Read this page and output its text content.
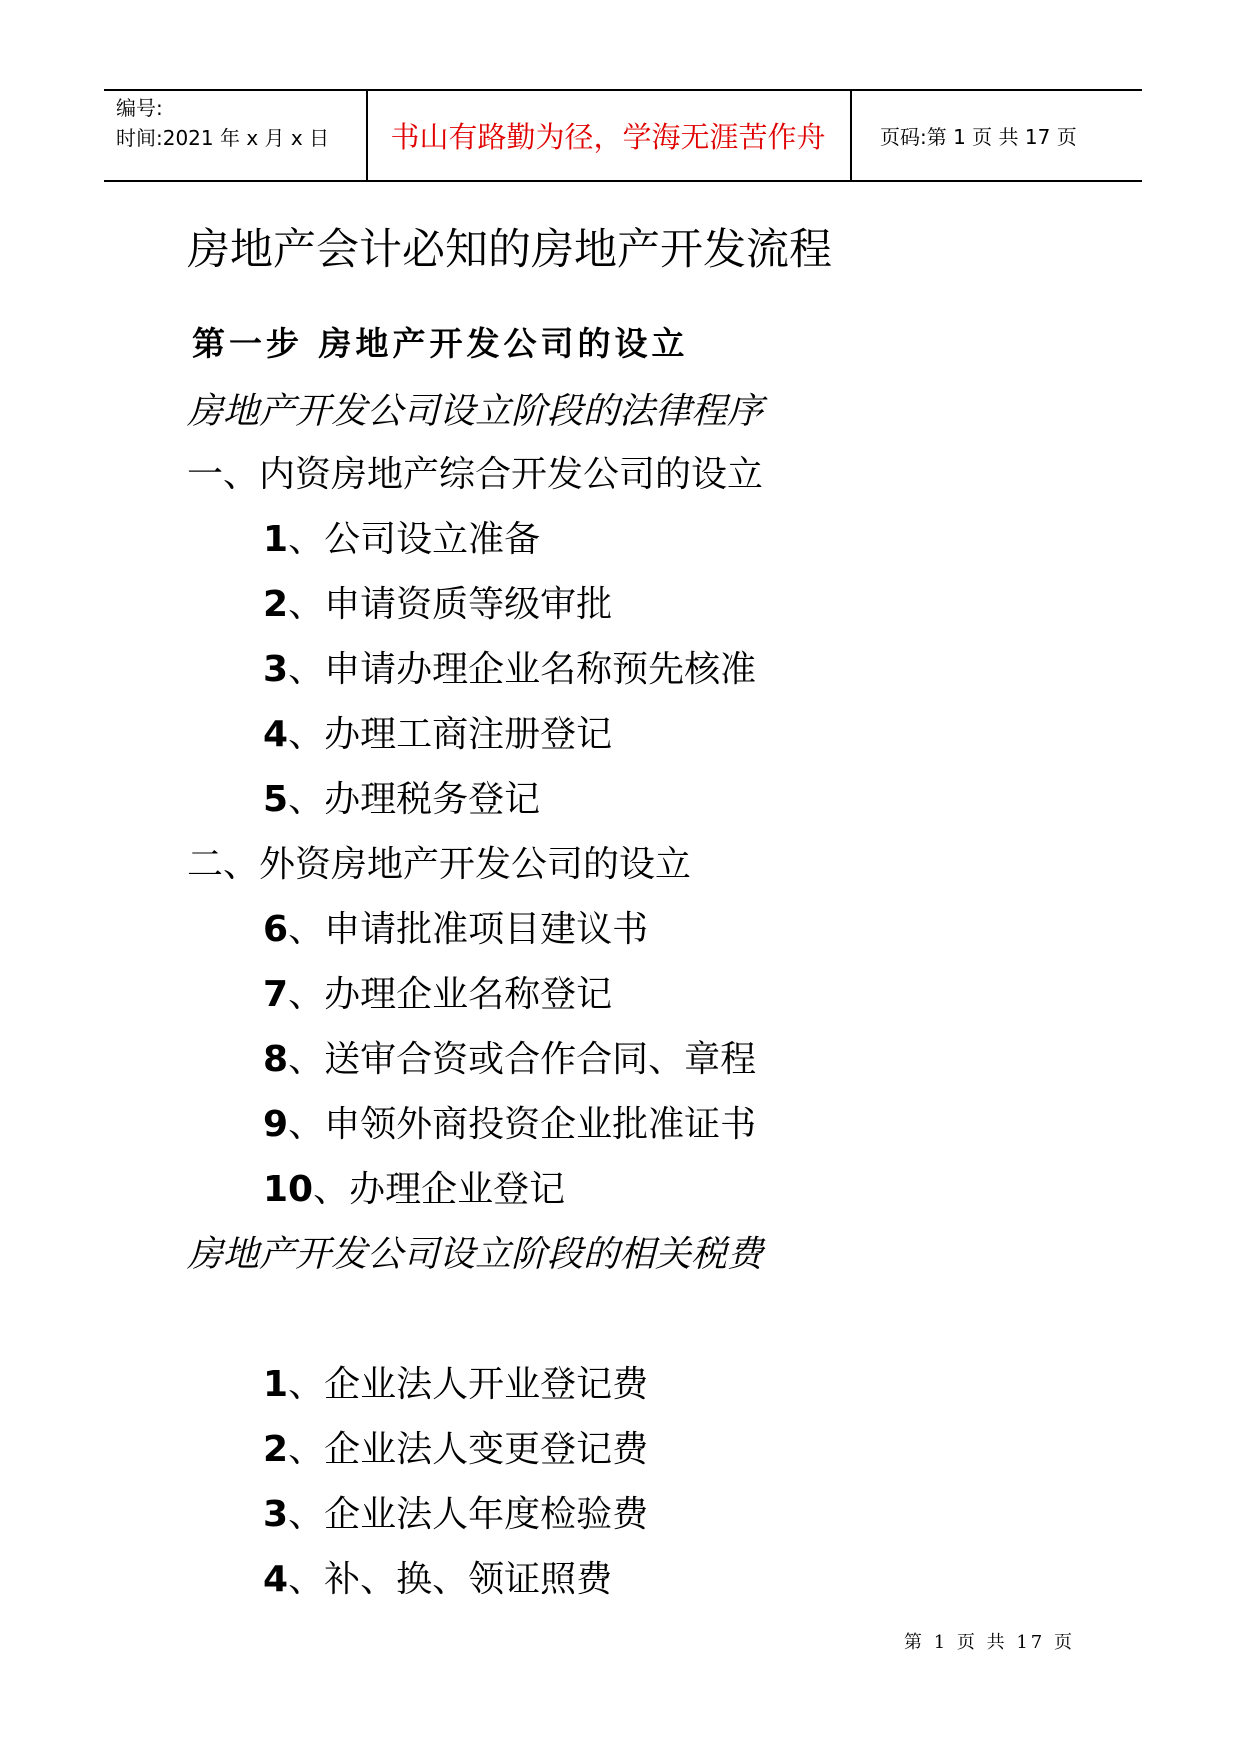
编号:
时间:2021 年 x 月 x 日	书山有路勤为径，学海无涯苦作舟	页码:第 1 页 共 17 页
房地产会计必知的房地产开发流程
第一步 房地产开发公司的设立
房地产开发公司设立阶段的法律程序
一、内资房地产综合开发公司的设立
1、公司设立准备
2、申请资质等级审批
3、申请办理企业名称预先核准
4、办理工商注册登记
5、办理税务登记
二、外资房地产开发公司的设立
6、申请批准项目建议书
7、办理企业名称登记
8、送审合资或合作合同、章程
9、申领外商投资企业批准证书
10、办理企业登记
房地产开发公司设立阶段的相关税费
1、企业法人开业登记费
2、企业法人变更登记费
3、企业法人年度检验费
4、补、换、领证照费
第 1 页 共 17 页
